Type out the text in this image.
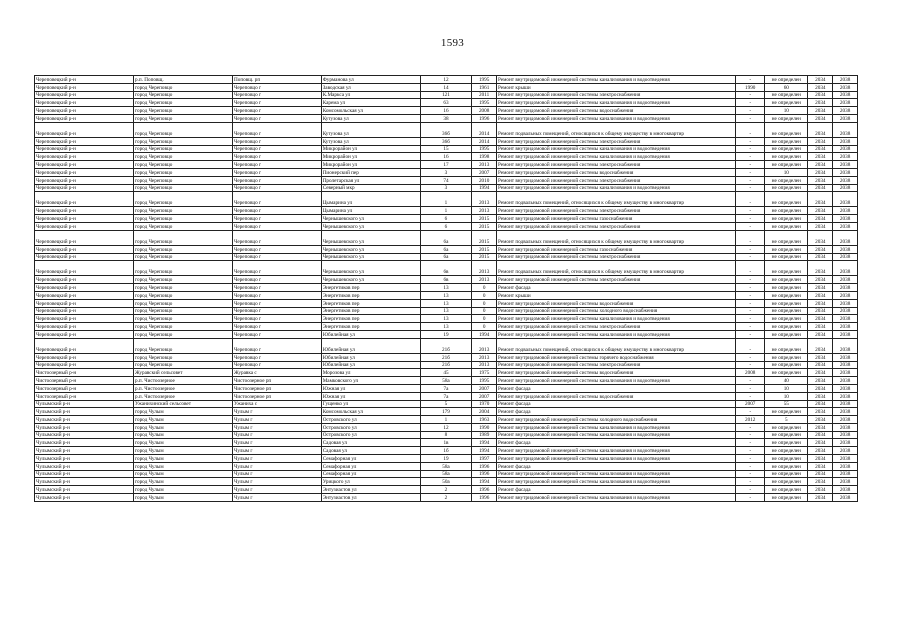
1593
Череповецкий р-н	р.п. Поповщ.	Поповщ. рп	Фурманова ул	12	1995	Ремонт внутридомовой инженерной системы канализования и водоотведения	-	не определен	2034	2038
Череповецкий р-н	город Череповцо	Череповцо г	Заводская ул	14	1961	Ремонт крыши	1990	60	2034	2038
Череповецкий р-н	город Череповцо	Череповцо г	К.Маркса ул	121	2011	Ремонт внутридомовой инженерной системы электроснабжения	-	не определен	2034	2038
Череповецкий р-н	город Череповцо	Череповцо г	Карема ул	63	1995	Ремонт внутридомовой инженерной системы канализования и водоотведения	-	не определен	2034	2038
Череповецкий р-н	город Череповцо	Череповцо г	Комсомольская ул	16	2008	Ремонт внутридомовой инженерной системы водоснабжения	-	10	2034	2038
Череповецкий р-н	город Череповцо	Череповцо г	Кутузова ул	38	1996	Ремонт внутридомовой инженерной системы канализования и водоотведения	-	не определен	2034	2038
Череповецкий р-н	город Череповцо	Череповцо г	Кутузова ул	36б	2014	Ремонт подвальных помещений, относящихся к общему имуществу в многоквартир	-	не определен	2034	2038
Череповецкий р-н	город Череповцо	Череповцо г	Кутузова ул	36б	2014	Ремонт внутридомовой инженерной системы электроснабжения	-	не определен	2034	2038
Череповецкий р-н	город Череповцо	Череповцо г	Микрорайон ул	15	1995	Ремонт внутридомовой инженерной системы канализования и водоотведения	-	не определен	2034	2038
Череповецкий р-н	город Череповцо	Череповцо г	Микрорайон ул	16	1998	Ремонт внутридомовой инженерной системы канализования и водоотведения	-	не определен	2034	2038
Череповецкий р-н	город Череповцо	Череповцо г	Микрорайон ул	17	2013	Ремонт внутридомовой инженерной системы электроснабжения	-	не определен	2034	2038
Череповецкий р-н	город Череповцо	Череповцо г	Пионерский пер	3	2007	Ремонт внутридомовой инженерной системы водоснабжения	-	10	2034	2038
Череповецкий р-н	город Череповцо	Череповцо г	Пролетарская ул	74	2010	Ремонт внутридомовой инженерной системы электроснабжения	-	не определен	2034	2038
Череповецкий р-н	город Череповцо	Череповцо г	Северный мкр	3	1994	Ремонт внутридомовой инженерной системы канализования и водоотведения	-	не определен	2034	2038
Череповецкий р-н	город Череповцо	Череповцо г	Цымарина ул	1	2013	Ремонт подвальных помещений, относящихся к общему имуществу в многоквартир	-	не определен	2034	2038
Череповецкий р-н	город Череповцо	Череповцо г	Цымарина ул	1	2013	Ремонт внутридомовой инженерной системы электроснабжения	-	не определен	2034	2038
Череповецкий р-н	город Череповцо	Череповцо г	Чернышевского ул	6	2015	Ремонт внутридомовой инженерной системы газоснабжения	-	не определен	2034	2038
Череповецкий р-н	город Череповцо	Череповцо г	Чернышевского ул	6	2015	Ремонт внутридомовой инженерной системы электроснабжения	-	не определен	2034	2038
Череповецкий р-н	город Череповцо	Череповцо г	Чернышевского ул	6а	2015	Ремонт подвальных помещений, относящихся к общему имуществу в многоквартир	-	не определен	2034	2038
Череповецкий р-н	город Череповцо	Череповцо г	Чернышевского ул	6а	2015	Ремонт внутридомовой инженерной системы газоснабжения	-	не определен	2034	2038
Череповецкий р-н	город Череповцо	Череповцо г	Чернышевского ул	6а	2015	Ремонт внутридомовой инженерной системы электроснабжения	-	не определен	2034	2038
Череповецкий р-н	город Череповцо	Череповцо г	Чернышевского ул	6в	2013	Ремонт подвальных помещений, относящихся к общему имуществу в многоквартир	-	не определен	2034	2038
Череповецкий р-н	город Череповцо	Череповцо г	Чернышевского ул	6в	2013	Ремонт внутридомовой инженерной системы электроснабжения	-	не определен	2034	2038
Череповецкий р-н	город Череповцо	Череповцо г	Энергетиков пер	13	0	Ремонт фасада	-	не определен	2034	2038
Череповецкий р-н	город Череповцо	Череповцо г	Энергетиков пер	13	0	Ремонт крыши	-	не определен	2034	2038
Череповецкий р-н	город Череповцо	Череповцо г	Энергетиков пер	13	0	Ремонт внутридомовой инженерной системы водоснабжения	-	не определен	2034	2038
Череповецкий р-н	город Череповцо	Череповцо г	Энергетиков пер	13	0	Ремонт внутридомовой инженерной системы холодного водоснабжения	-	не определен	2034	2038
Череповецкий р-н	город Череповцо	Череповцо г	Энергетиков пер	13	0	Ремонт внутридомовой инженерной системы канализования и водоотведения	-	не определен	2034	2038
Череповецкий р-н	город Череповцо	Череповцо г	Энергетиков пер	13	0	Ремонт внутридомовой инженерной системы электроснабжения	-	не определен	2034	2038
Череповецкий р-н	город Череповцо	Череповцо г	Юбилейная ул	19	1994	Ремонт внутридомовой инженерной системы канализования и водоотведения	-	не определен	2034	2038
Череповецкий р-н	город Череповцо	Череповцо г	Юбилейная ул	21б	2013	Ремонт подвальных помещений, относящихся к общему имуществу в многоквартир	-	не определен	2034	2038
Череповецкий р-н	город Череповцо	Череповцо г	Юбилейная ул	21б	2013	Ремонт внутридомовой инженерной системы горячего водоснабжения	-	не определен	2034	2038
Череповецкий р-н	город Череповцо	Череповцо г	Юбилейная ул	21б	2013	Ремонт внутридомовой инженерной системы электроснабжения	-	не определен	2034	2038
Чистоозерный р-н	Журавский сельсовет	Журавка с	Морозова ул	45	1975	Ремонт внутридомовой инженерной системы водоснабжения	2008	не определен	2034	2038
Чистоозерный р-н	р.п. Чистоозерное	Чистоозерное рп	Мамковского ул	58а	1995	Ремонт внутридомовой инженерной системы канализования и водоотведения	-	40	2034	2038
Чистоозерный р-н	р.п. Чистоозерное	Чистоозерное рп	Южная ул	7а	2007	Ремонт фасада	-	10	2034	2038
Чистоозерный р-н	р.п. Чистоозерное	Чистоозерное рп	Южная ул	7а	2007	Ремонт внутридомовой инженерной системы водоснабжения	-	10	2034	2038
Чулымский р-н	Ужанихинский сельсовет	Ужаниха с	Гущенко ул	5	1970	Ремонт фасада	2007	55	2034	2038
Чулымский р-н	город Чулым	Чулым г	Комсомольская ул	179	2004	Ремонт фасада	-	не определен	2034	2038
Чулымский р-н	город Чулым	Чулым г	Островского ул	1	1963	Ремонт внутридомовой инженерной системы холодного водоснабжения	2012	5	2034	2038
Чулымский р-н	город Чулым	Чулым г	Островского ул	12	1990	Ремонт внутридомовой инженерной системы канализования и водоотведения	-	не определен	2034	2038
Чулымский р-н	город Чулым	Чулым г	Островского ул	8	1989	Ремонт внутридомовой инженерной системы канализования и водоотведения	-	не определен	2034	2038
Чулымский р-н	город Чулым	Чулым г	Садовая ул	1в	1994	Ремонт фасада	-	не определен	2034	2038
Чулымский р-н	город Чулым	Чулым г	Садовая ул	1б	1994	Ремонт внутридомовой инженерной системы канализования и водоотведения	-	не определен	2034	2038
Чулымский р-н	город Чулым	Чулым г	Семафорная ул	19	1997	Ремонт внутридомовой инженерной системы канализования и водоотведения	-	не определен	2034	2038
Чулымский р-н	город Чулым	Чулым г	Семафорная ул	58а	1996	Ремонт фасада	-	не определен	2034	2038
Чулымский р-н	город Чулым	Чулым г	Семафорная ул	58а	1996	Ремонт внутридомовой инженерной системы канализования и водоотведения	-	не определен	2034	2038
Чулымский р-н	город Чулым	Чулым г	Урицкого ул	50а	1994	Ремонт внутридомовой инженерной системы канализования и водоотведения	-	не определен	2034	2038
Чулымский р-н	город Чулым	Чулым г	Энтузиастов ул	2	1996	Ремонт фасада	-	не определен	2034	2038
Чулымский р-н	город Чулым	Чулым г	Энтузиастов ул	2	1996	Ремонт внутридомовой инженерной системы канализования и водоотведения	-	не определен	2034	2038
